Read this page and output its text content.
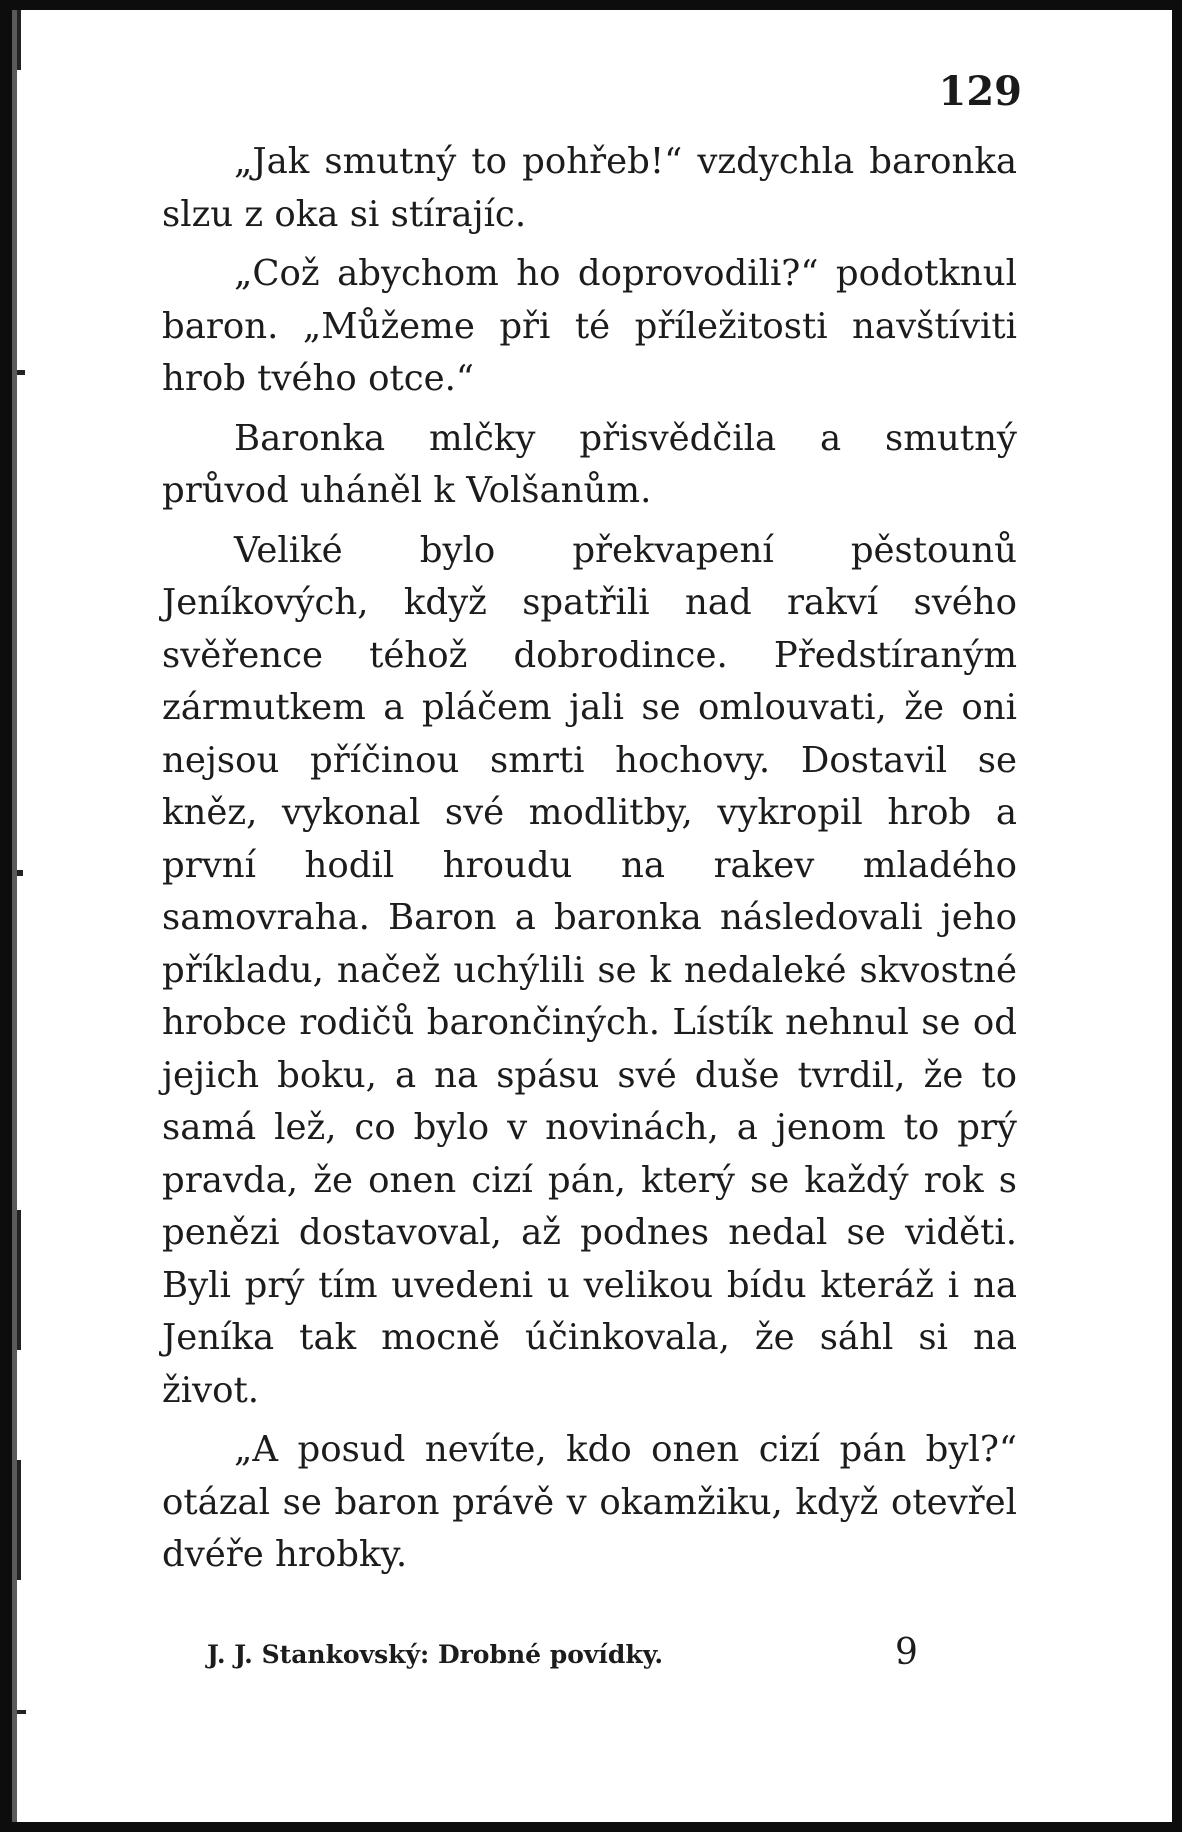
129

„Jak smutný to pohřeb!“ vzdychla baronka slzu z oka si stírajíc.

„Což abychom ho doprovodili?“ podotknul baron. „Můžeme při té příležitosti navštíviti hrob tvého otce.“

Baronka mlčky přisvědčila a smutný průvod uháněl k Volšanům.

Veliké bylo překvapení pěstounů Jeníkových, když spatřili nad rakví svého svěřence téhož dobrodince. Předstíraným zármutkem a pláčem jali se omlouvati, že oni nejsou příčinou smrti hochovy. Dostavil se kněz, vykonal své modlitby, vykropil hrob a první hodil hroudu na rakev mladého samovraha. Baron a baronka následovali jeho příkladu, načež uchýlili se k nedaleké skvostné hrobce rodičů barončiných. Lístík nehnul se od jejich boku, a na spásu své duše tvrdil, že to samá lež, co bylo v novinách, a jenom to prý pravda, že onen cizí pán, který se každý rok s penězi dostavoval, až podnes nedal se viděti. Byli prý tím uvedeni u velikou bídu kteráž i na Jeníka tak mocně účinkovala, že sáhl si na život.

„A posud nevíte, kdo onen cizí pán byl?“ otázal se baron právě v okamžiku, když otevřel dvéře hrobky.

J. J. Stankovský: Drobné povídky.	9
